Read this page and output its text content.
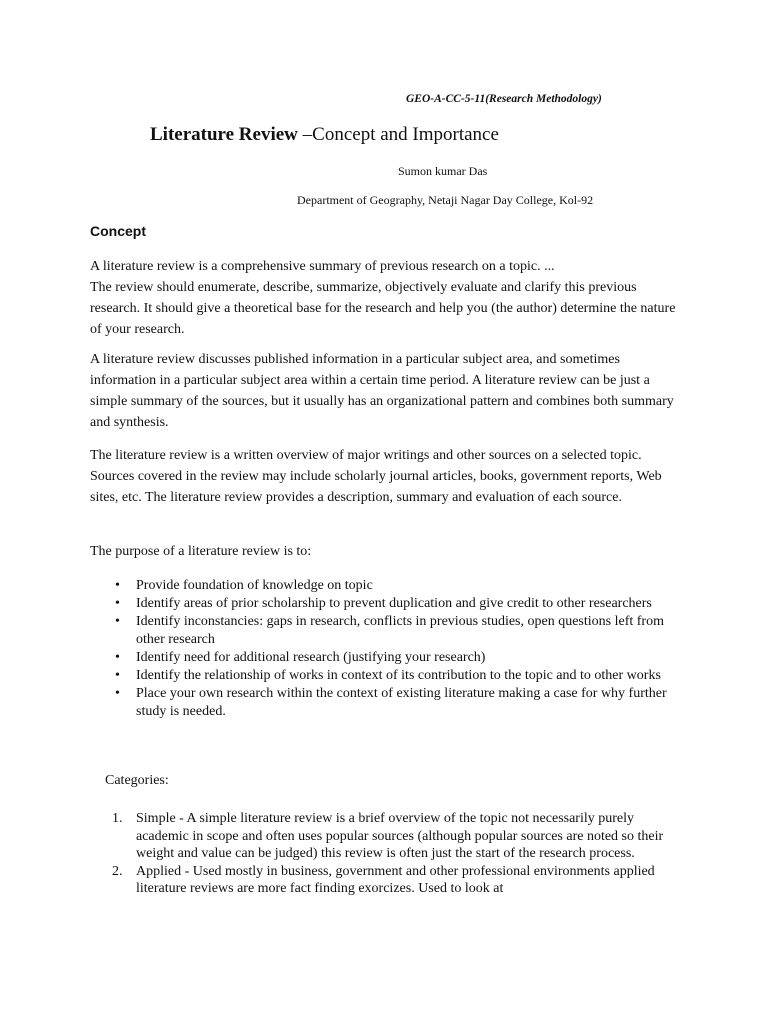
GEO-A-CC-5-11(Research Methodology)
Literature Review –Concept and Importance
Sumon kumar Das
Department of Geography, Netaji Nagar Day College, Kol-92
Concept

A literature review is a comprehensive summary of previous research on a topic. ...
The review should enumerate, describe, summarize, objectively evaluate and clarify this previous research. It should give a theoretical base for the research and help you (the author) determine the nature of your research.

A literature review discusses published information in a particular subject area, and sometimes information in a particular subject area within a certain time period. A literature review can be just a simple summary of the sources, but it usually has an organizational pattern and combines both summary and synthesis.

The literature review is a written overview of major writings and other sources on a selected topic. Sources covered in the review may include scholarly journal articles, books, government reports, Web sites, etc. The literature review provides a description, summary and evaluation of each source.

The purpose of a literature review is to:

• Provide foundation of knowledge on topic
• Identify areas of prior scholarship to prevent duplication and give credit to other researchers
• Identify inconstancies: gaps in research, conflicts in previous studies, open questions left from other research
• Identify need for additional research (justifying your research)
• Identify the relationship of works in context of its contribution to the topic and to other works
• Place your own research within the context of existing literature making a case for why further study is needed.
Categories:
1. Simple - A simple literature review is a brief overview of the topic not necessarily purely academic in scope and often uses popular sources (although popular sources are noted so their weight and value can be judged) this review is often just the start of the research process.
2. Applied - Used mostly in business, government and other professional environments applied literature reviews are more fact finding exorcizes. Used to look at
